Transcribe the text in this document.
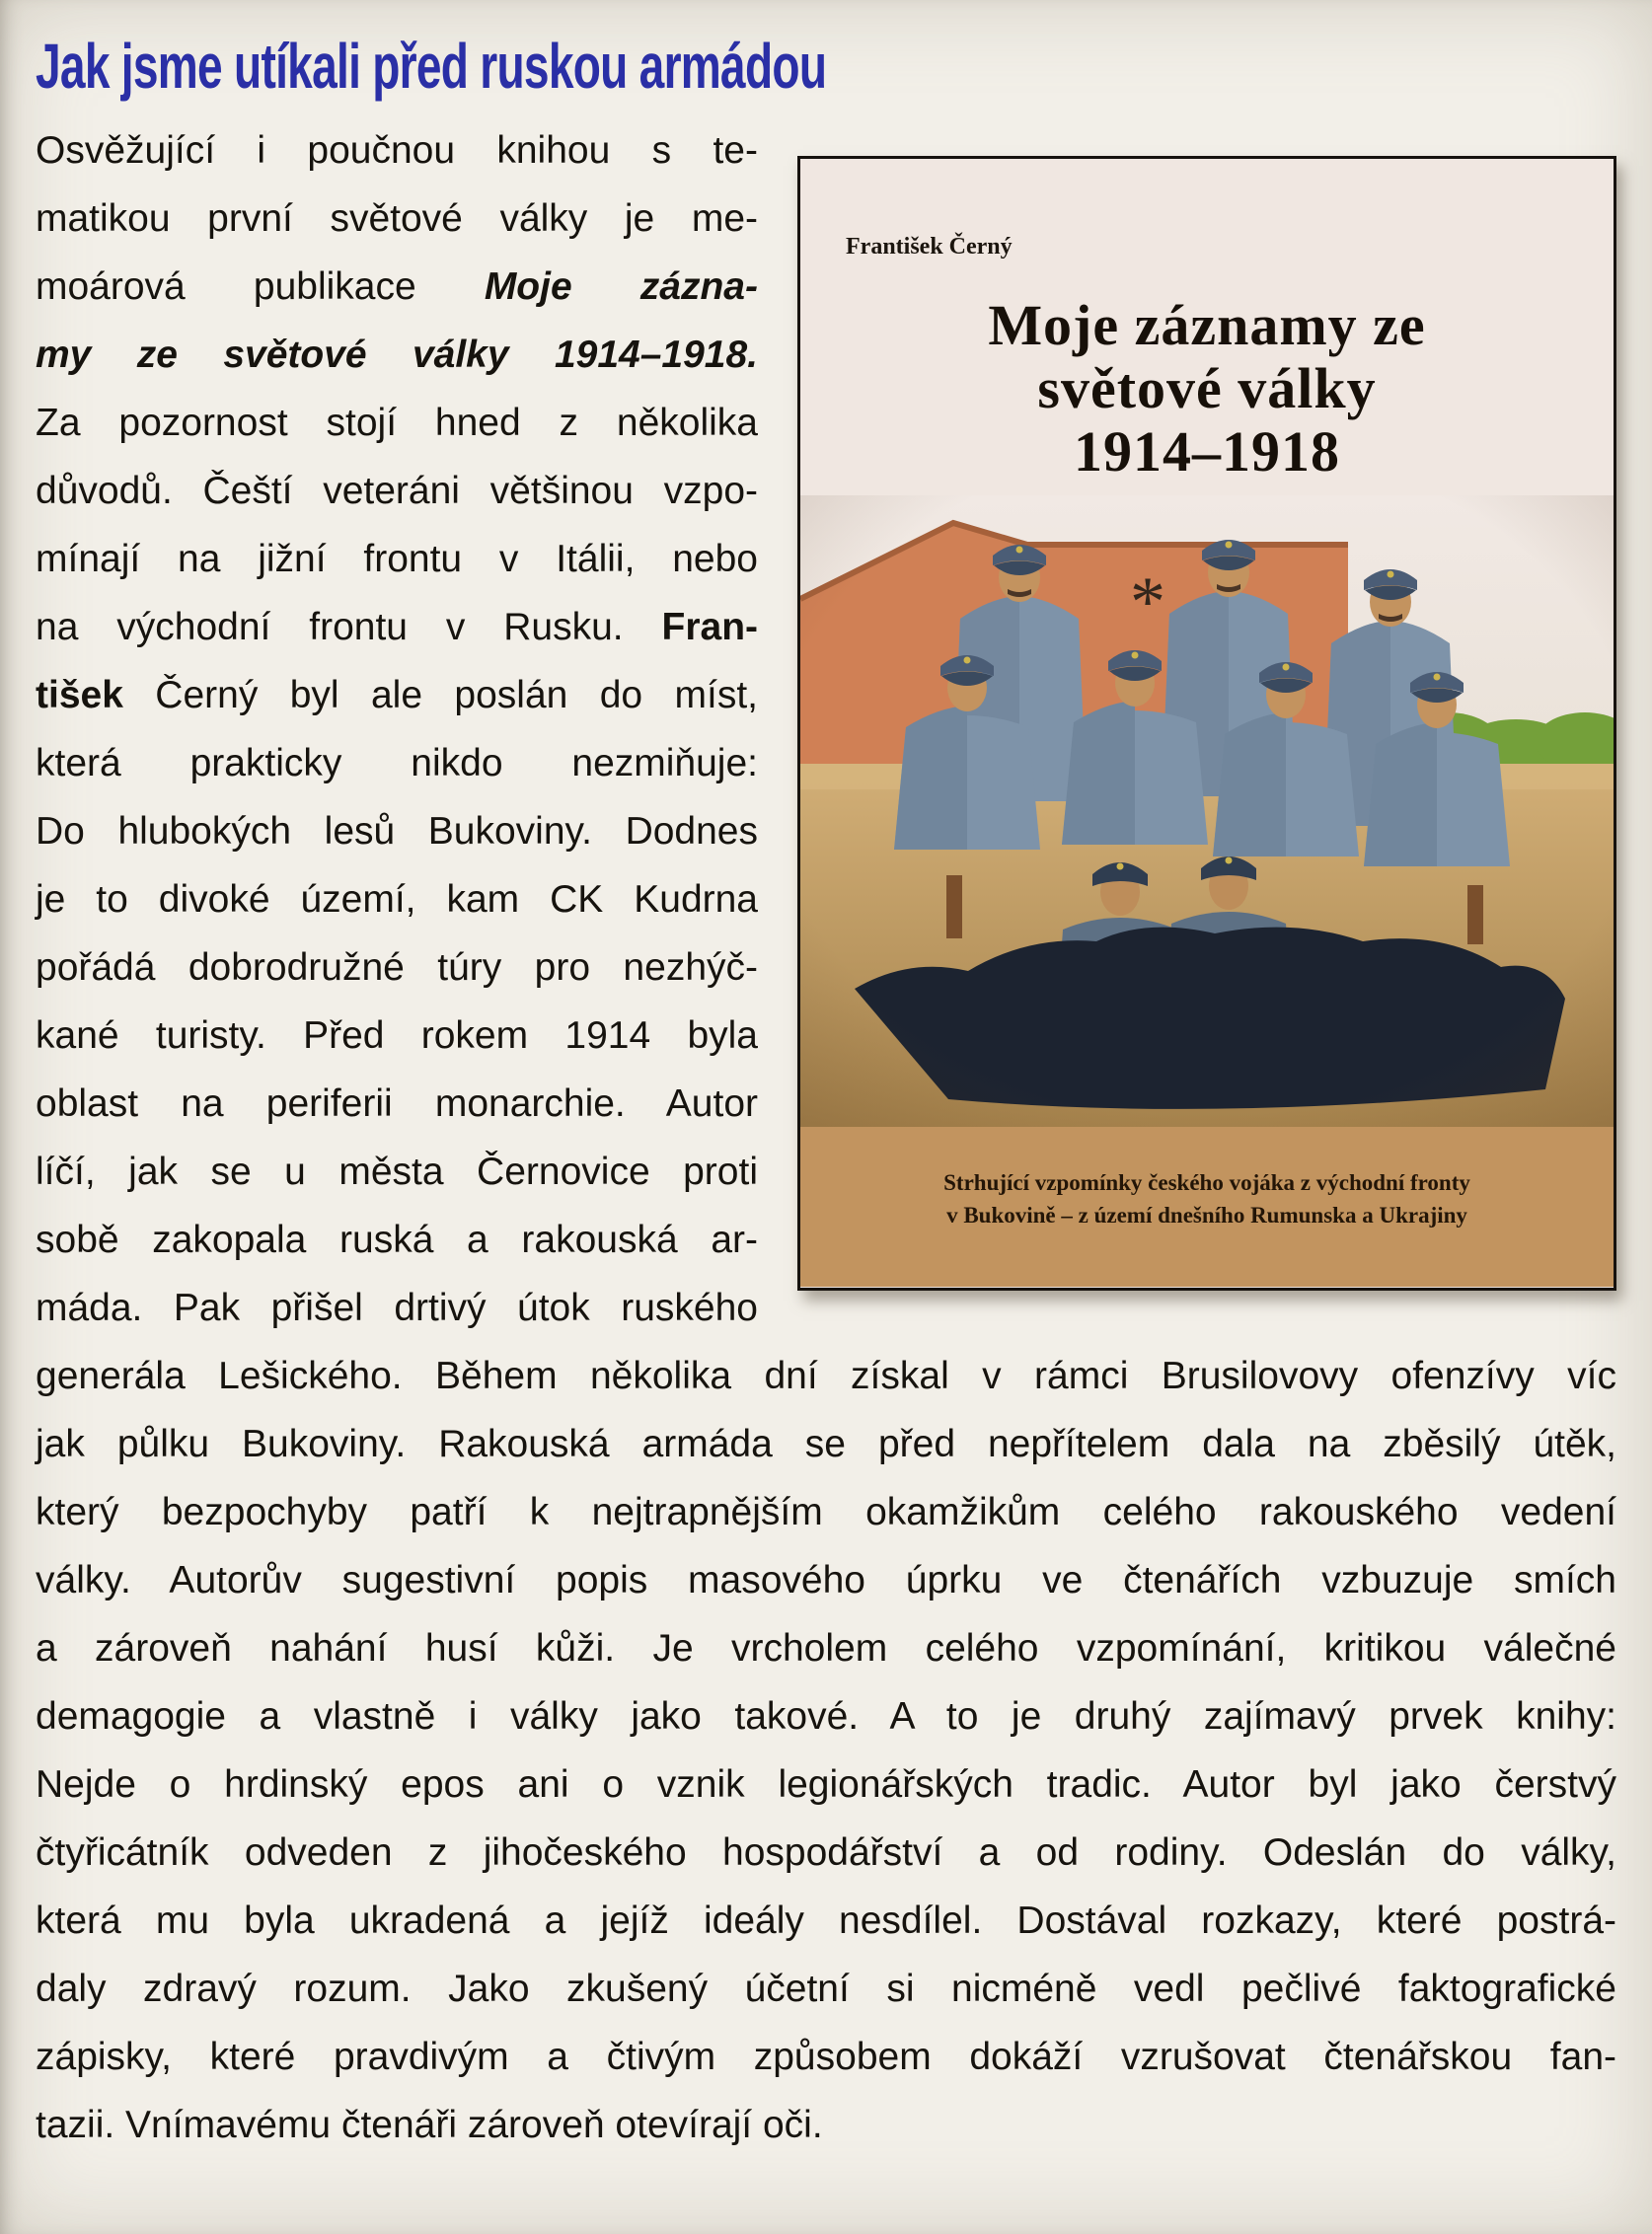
Jak jsme utíkali před ruskou armádou
František Černý
Moje záznamy ze
světové války
1914–1918
Strhující vzpomínky českého vojáka z východní fronty
v Bukovině – z území dnešního Rumunska a Ukrajiny
Osvěžující i poučnou knihou s te-
matikou první světové války je me-
moárová publikace Moje zázna-
my ze světové války 1914–1918.
Za pozornost stojí hned z několika
důvodů. Čeští veteráni většinou vzpo-
mínají na jižní frontu v Itálii, nebo
na východní frontu v Rusku. Fran-
tišek Černý byl ale poslán do míst,
která prakticky nikdo nezmiňuje:
Do hlubokých lesů Bukoviny. Dodnes
je to divoké území, kam CK Kudrna
pořádá dobrodružné túry pro nezhýč-
kané turisty. Před rokem 1914 byla
oblast na periferii monarchie. Autor
líčí, jak se u města Černovice proti
sobě zakopala ruská a rakouská ar-
máda. Pak přišel drtivý útok ruského
generála Lešického. Během několika dní získal v rámci Brusilovovy ofenzívy víc
jak půlku Bukoviny. Rakouská armáda se před nepřítelem dala na zběsilý útěk,
který bezpochyby patří k nejtrapnějším okamžikům celého rakouského vedení
války. Autorův sugestivní popis masového úprku ve čtenářích vzbuzuje smích
a zároveň nahání husí kůži. Je vrcholem celého vzpomínání, kritikou válečné
demagogie a vlastně i války jako takové. A to je druhý zajímavý prvek knihy:
Nejde o hrdinský epos ani o vznik legionářských tradic. Autor byl jako čerstvý
čtyřicátník odveden z jihočeského hospodářství a od rodiny. Odeslán do války,
která mu byla ukradená a jejíž ideály nesdílel. Dostával rozkazy, které postrá-
daly zdravý rozum. Jako zkušený účetní si nicméně vedl pečlivé faktografické
zápisky, které pravdivým a čtivým způsobem dokáží vzrušovat čtenářskou fan-
tazii. Vnímavému čtenáři zároveň otevírají oči.
